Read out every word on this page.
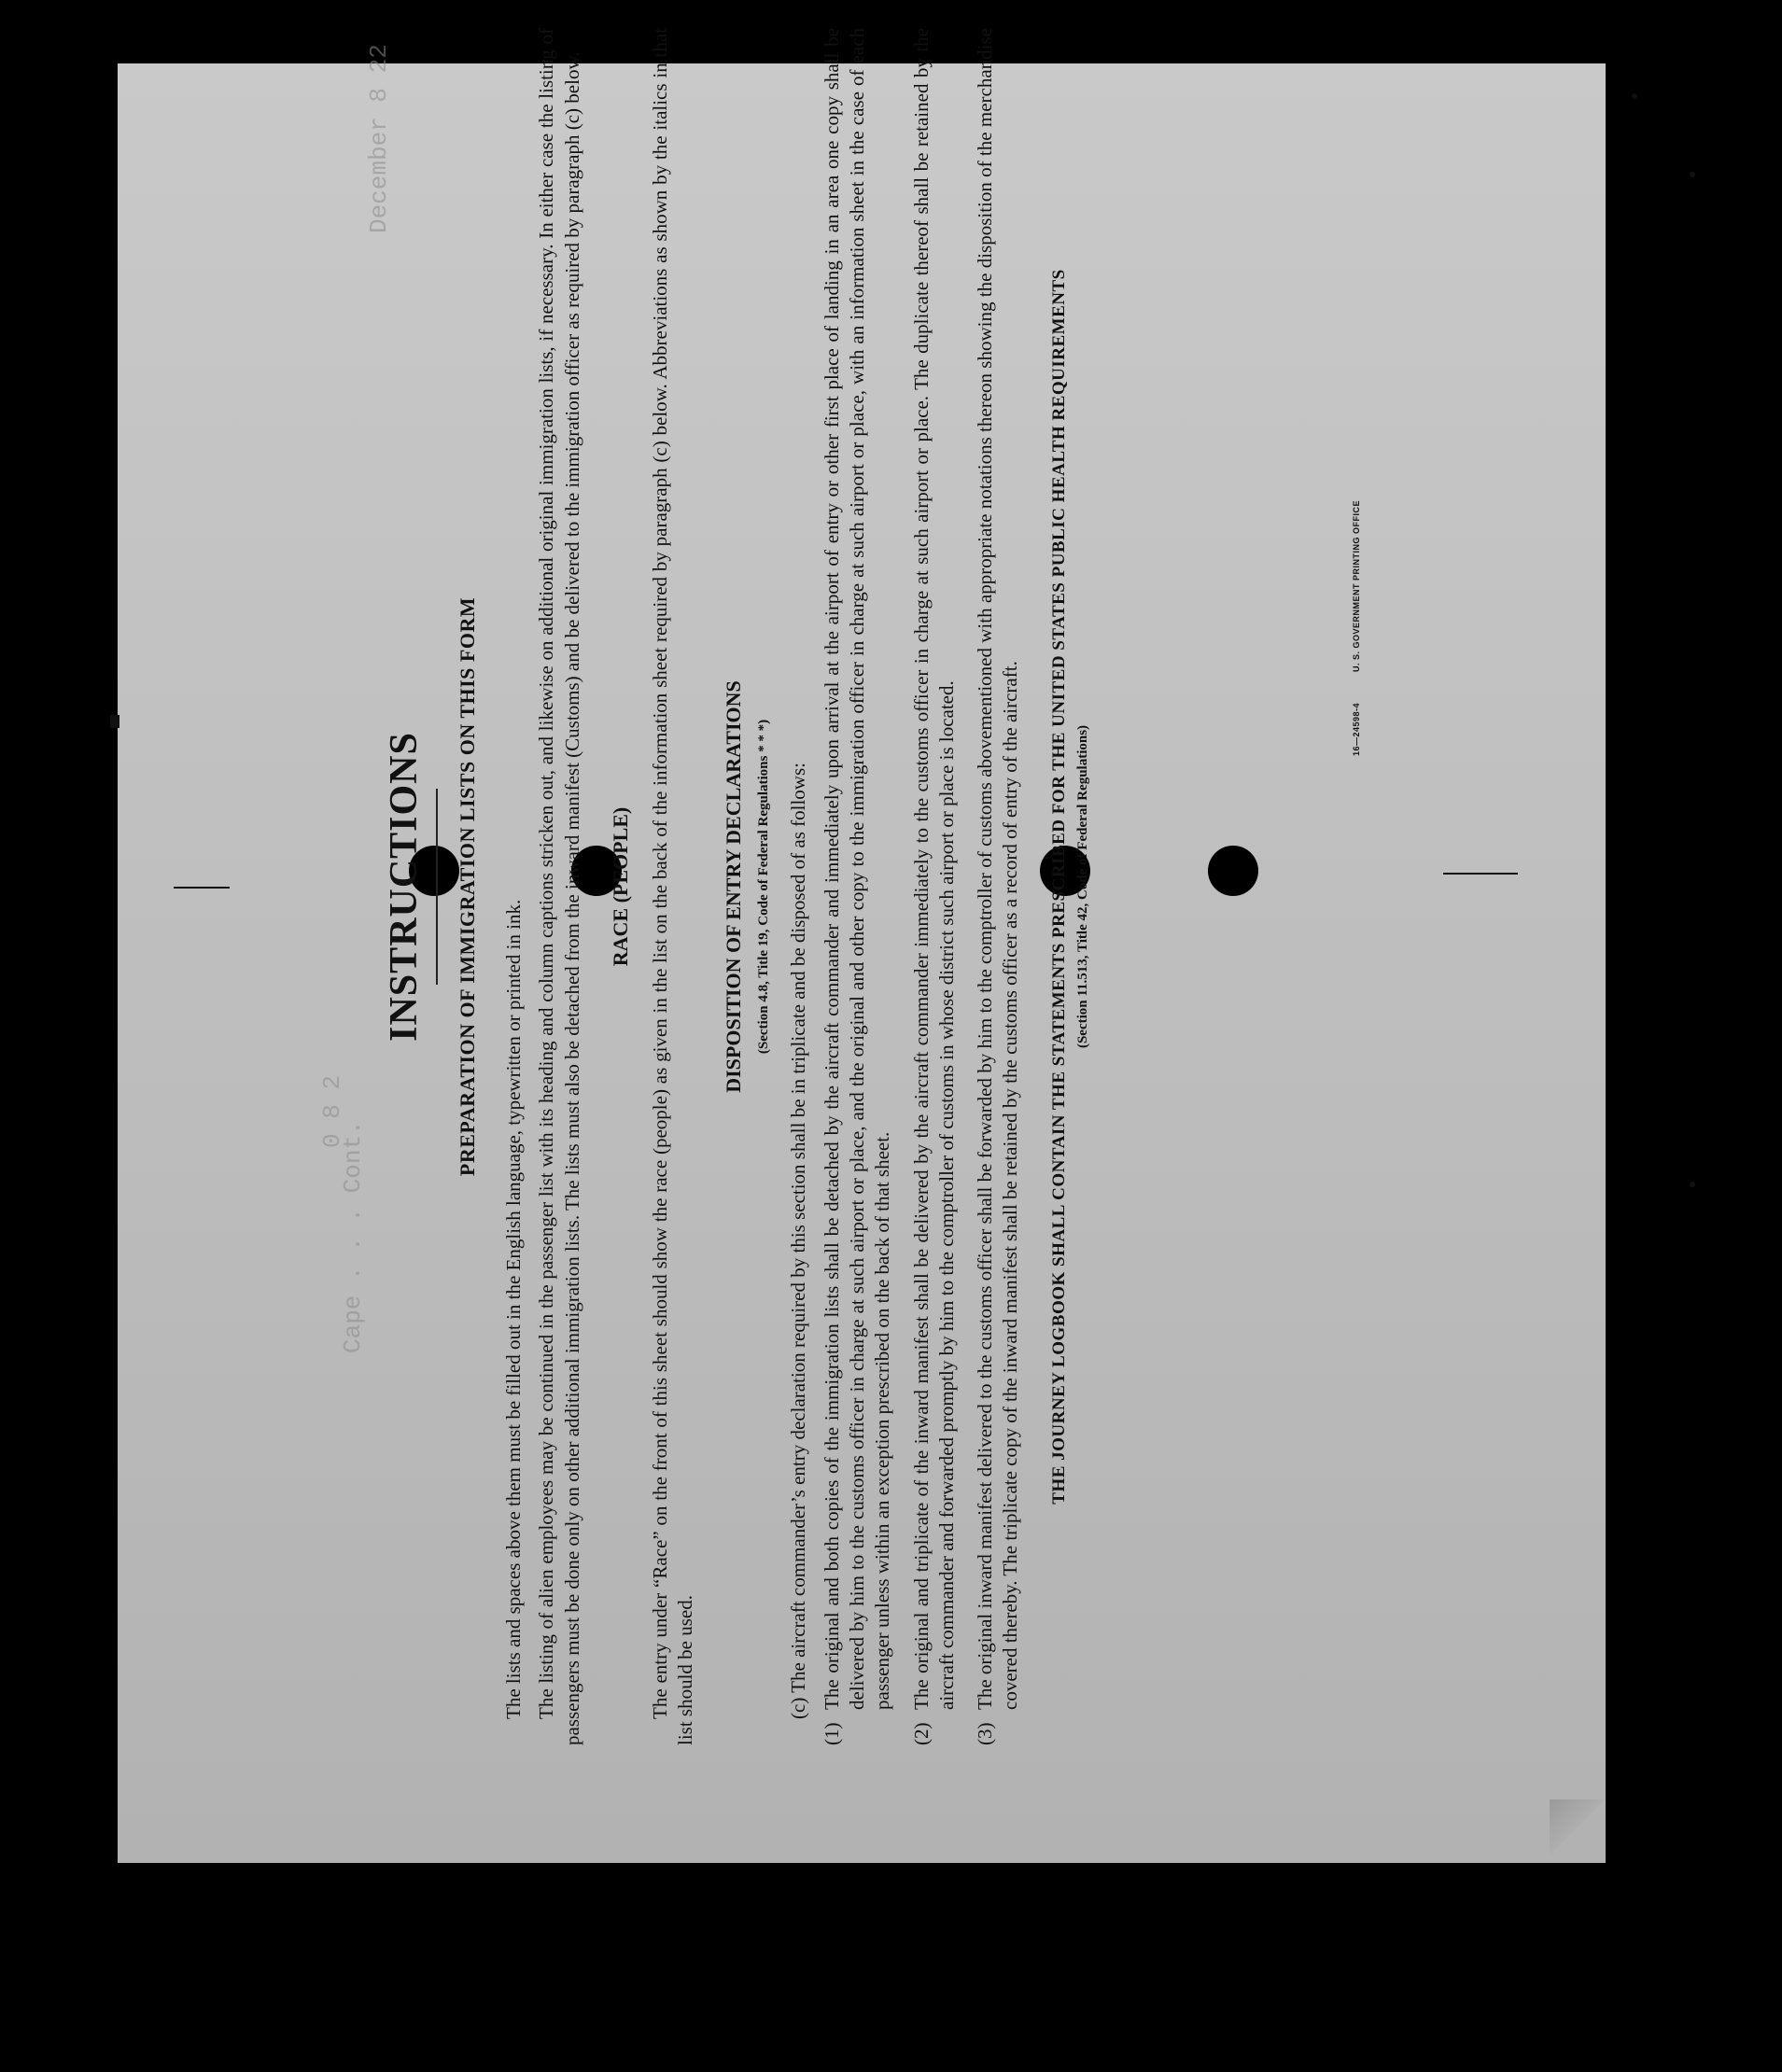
0 8 2
Cape . . . Cont.
December 8 22
INSTRUCTIONS PREPARATION OF IMMIGRATION LISTS ON THIS FORM

The lists and spaces above them must be filled out in the English language, typewritten or printed in ink. The listing of alien employees may be continued in the passenger list with its heading and column captions stricken out, and likewise on additional original immigration lists, if necessary. In either case the listing of passengers must be done only on other additional immigration lists. The lists must also be detached from the inward manifest (Customs) and be delivered to the immigration officer as required by paragraph (c) below. RACE (PEOPLE) The entry under “Race” on the front of this sheet should show the race (people) as given in the list on the back of the information sheet required by paragraph (c) below. Abbreviations as shown by the italics in that list should be used.

DISPOSITION OF ENTRY DECLARATIONS (Section 4.8, Title 19, Code of Federal Regulations * * *) (c) The aircraft commander’s entry declaration required by this section shall be in triplicate and be disposed of as follows:

(1)
The original and both copies of the immigration lists shall be detached by the aircraft commander and immediately upon arrival at the airport of entry or other first place of landing in an area one copy shall be delivered by him to the customs officer in charge at such airport or place, and the original and other copy to the immigration officer in charge at such airport or place, with an information sheet in the case of each passenger unless within an exception prescribed on the back of that sheet.
(2)
The original and triplicate of the inward manifest shall be delivered by the aircraft commander immediately to the customs officer in charge at such airport or place. The duplicate thereof shall be retained by the aircraft commander and forwarded promptly by him to the comptroller of customs in whose district such airport or place is located.
(3)
The original inward manifest delivered to the customs officer shall be forwarded by him to the comptroller of customs abovementioned with appropriate notations thereon showing the disposition of the merchandise covered thereby. The triplicate copy of the inward manifest shall be retained by the customs officer as a record of entry of the aircraft. THE JOURNEY LOGBOOK SHALL CONTAIN THE STATEMENTS PRESCRIBED FOR THE UNITED STATES PUBLIC HEALTH REQUIREMENTS (Section 11.513, Title 42, Code of Federal Regulations)	16—24598-4
U. S. GOVERNMENT PRINTING OFFICE
